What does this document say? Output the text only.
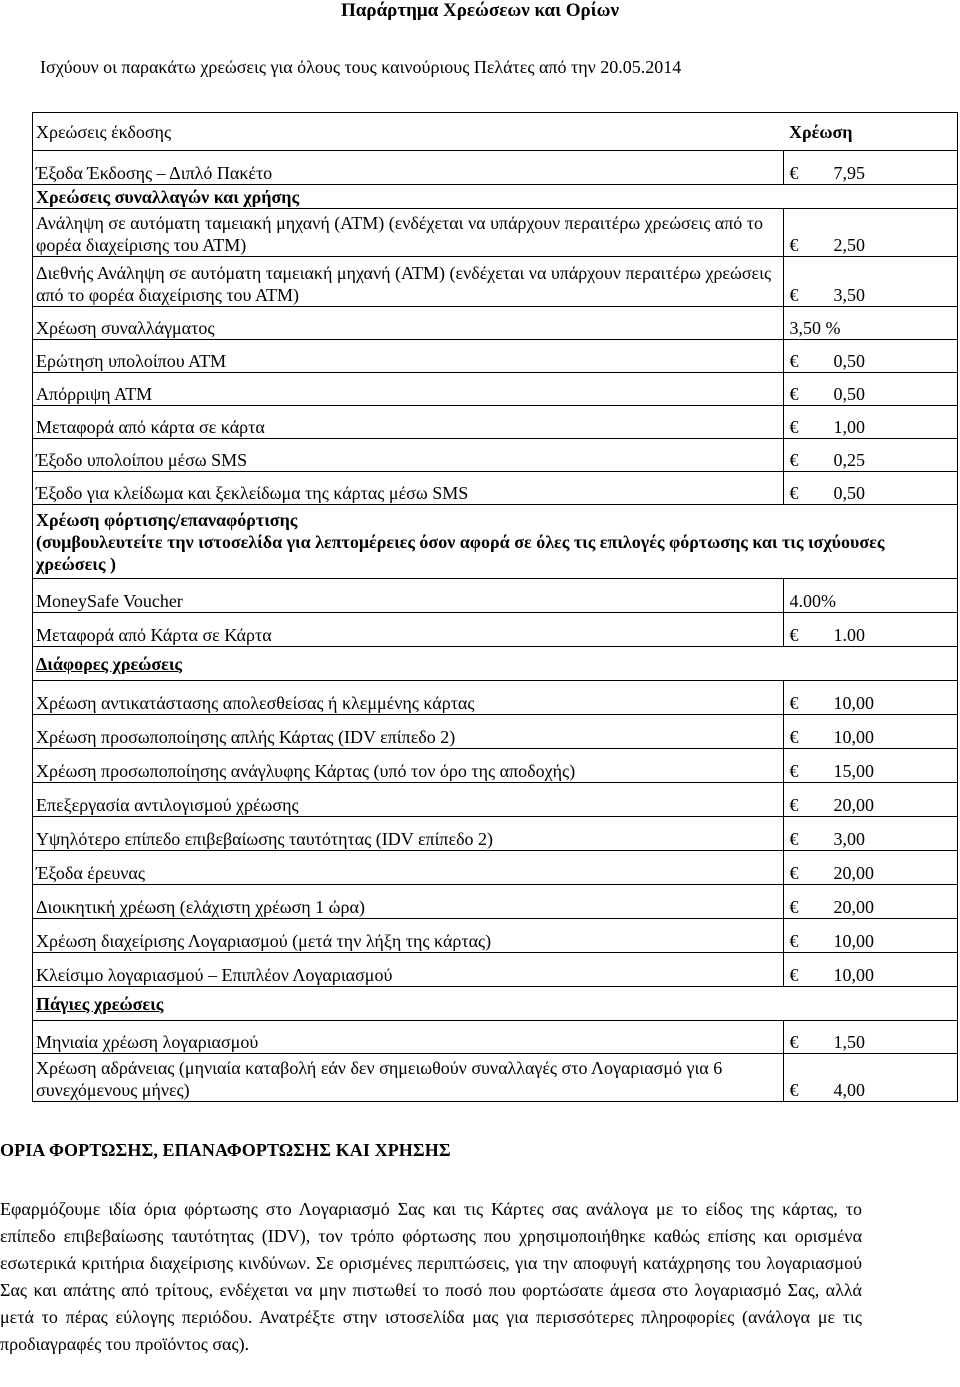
Παράρτημα Χρεώσεων και Ορίων
Ισχύουν οι παρακάτω χρεώσεις για όλους τους καινούριους Πελάτες από την 20.05.2014
Χρεώσεις έκδοσης	Χρέωση
Έξοδα Έκδοσης – Διπλό Πακέτο	€ 7,95
Χρεώσεις συναλλαγών και χρήσης	
Ανάληψη σε αυτόματη ταμειακή μηχανή (ΑΤΜ) (ενδέχεται να υπάρχουν περαιτέρω χρεώσεις από το φορέα διαχείρισης του ΑΤΜ)	€ 2,50
Διεθνής Ανάληψη σε αυτόματη ταμειακή μηχανή (ΑΤΜ) (ενδέχεται να υπάρχουν περαιτέρω χρεώσεις από το φορέα διαχείρισης του ΑΤΜ)	€ 3,50
Χρέωση συναλλάγματος	3,50 %
Ερώτηση υπολοίπου ΑΤΜ	€ 0,50
Απόρριψη ΑΤΜ	€ 0,50
Μεταφορά από κάρτα σε κάρτα	€ 1,00
Έξοδο υπολοίπου μέσω SMS	€ 0,25
Έξοδο για κλείδωμα και ξεκλείδωμα της κάρτας μέσω SMS	€ 0,50
Χρέωση φόρτισης/επαναφόρτισης
(συμβουλευτείτε την ιστοσελίδα για λεπτομέρειες όσον αφορά σε όλες τις επιλογές φόρτωσης και τις ισχύουσες χρεώσεις )	
MoneySafe Voucher	4.00%
Μεταφορά από Κάρτα σε Κάρτα	€ 1.00
Διάφορες χρεώσεις	
Χρέωση αντικατάστασης απολεσθείσας ή κλεμμένης κάρτας	€ 10,00
Χρέωση προσωποποίησης απλής Κάρτας (IDV επίπεδο 2)	€ 10,00
Χρέωση προσωποποίησης ανάγλυφης Κάρτας (υπό τον όρο της αποδοχής)	€ 15,00
Επεξεργασία αντιλογισμού χρέωσης	€ 20,00
Υψηλότερο επίπεδο επιβεβαίωσης ταυτότητας (IDV επίπεδο 2)	€ 3,00
Έξοδα έρευνας	€ 20,00
Διοικητική χρέωση (ελάχιστη χρέωση 1 ώρα)	€ 20,00
Χρέωση διαχείρισης Λογαριασμού (μετά την λήξη της κάρτας)	€ 10,00
Κλείσιμο λογαριασμού – Επιπλέον Λογαριασμού	€ 10,00
Πάγιες χρεώσεις	
Μηνιαία χρέωση λογαριασμού	€ 1,50
Χρέωση αδράνειας (μηνιαία καταβολή εάν δεν σημειωθούν συναλλαγές στο Λογαριασμό για 6 συνεχόμενους μήνες)	€ 4,00
ΟΡΙΑ ΦΟΡΤΩΣΗΣ, ΕΠΑΝΑΦΟΡΤΩΣΗΣ ΚΑΙ ΧΡΗΣΗΣ
Εφαρμόζουμε ιδία όρια φόρτωσης στο Λογαριασμό Σας και τις Κάρτες σας ανάλογα με το είδος της κάρτας, το επίπεδο επιβεβαίωσης ταυτότητας (IDV), τον τρόπο φόρτωσης που χρησιμοποιήθηκε καθώς επίσης και ορισμένα εσωτερικά κριτήρια διαχείρισης κινδύνων. Σε ορισμένες περιπτώσεις, για την αποφυγή κατάχρησης του λογαριασμού Σας και απάτης από τρίτους, ενδέχεται να μην πιστωθεί το ποσό που φορτώσατε άμεσα στο λογαριασμό Σας, αλλά μετά το πέρας εύλογης περιόδου. Ανατρέξτε στην ιστοσελίδα μας για περισσότερες πληροφορίες (ανάλογα με τις προδιαγραφές του προϊόντος σας).
